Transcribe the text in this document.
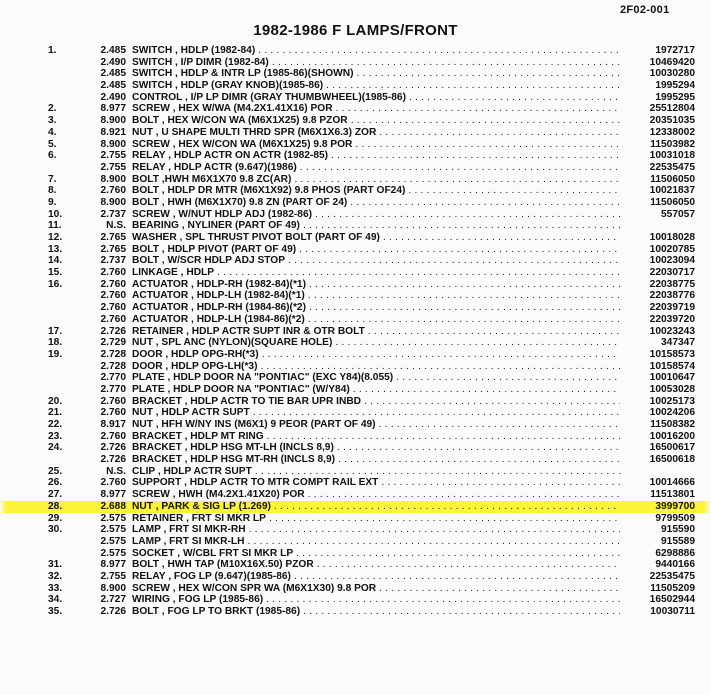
2F02-001
1982-1986 F LAMPS/FRONT
1.	2.485 SWITCH , HDLP (1982-84) . . .	1972717
2.490 SWITCH , I/P DIMR (1982-84) . . .	10469420
2.485 SWITCH , HDLP & INTR LP (1985-86)(SHOWN) . . .	10030280
2.485 SWITCH , HDLP (GRAY KNOB)(1985-86) . . .	1995294
2.490 CONTROL , I/P LP DIMR (GRAY THUMBWHEEL)(1985-86) . . .	1995295
2.	8.977 SCREW , HEX W/WA (M4.2X1.41X16) POR . . .	25512804
3.	8.900 BOLT , HEX W/CON WA (M6X1X25) 9.8 PZOR . . .	20351035
4.	8.921 NUT , U SHAPE MULTI THRD SPR (M6X1X6.3) ZOR . . .	12338002
5.	8.900 SCREW , HEX W/CON WA (M6X1X25) 9.8 POR . . .	11503982
6.	2.755 RELAY , HDLP ACTR ON ACTR (1982-85) . . .	10031018
2.755 RELAY , HDLP ACTR (9.647)(1986) . . .	22535475
7.	8.900 BOLT ,HWH M6X1X70 9.8 ZC(AR) . . .	11506050
8.	2.760 BOLT , HDLP DR MTR (M6X1X92) 9.8 PHOS (PART OF24) . . .	10021837
9.	8.900 BOLT , HWH (M6X1X70) 9.8 ZN (PART OF 24) . . .	11506050
10.	2.737 SCREW , W/NUT HDLP ADJ (1982-86) . . .	557057
11.	N.S. BEARING , NYLINER (PART OF 49) . . .
12.	2.765 WASHER , SPL THRUST PIVOT BOLT (PART OF 49) . . .	10018028
13.	2.765 BOLT , HDLP PIVOT (PART OF 49) . . .	10020785
14.	2.737 BOLT , W/SCR HDLP ADJ STOP . . .	10023094
15.	2.760 LINKAGE , HDLP . . .	22030717
16.	2.760 ACTUATOR , HDLP-RH (1982-84)(*1) . . .	22038775
2.760 ACTUATOR , HDLP-LH (1982-84)(*1) . . .	22038776
2.760 ACTUATOR , HDLP-RH (1984-86)(*2) . . .	22039719
2.760 ACTUATOR , HDLP-LH (1984-86)(*2) . . .	22039720
17.	2.726 RETAINER , HDLP ACTR SUPT INR & OTR BOLT . . .	10023243
18.	2.729 NUT , SPL ANC (NYLON)(SQUARE HOLE) . . .	347347
19.	2.728 DOOR , HDLP OPG-RH(*3) . . .	10158573
2.728 DOOR , HDLP OPG-LH(*3) . . .	10158574
2.770 PLATE , HDLP DOOR NA "PONTIAC" (EXC Y84)(8.055) . . .	10010647
2.770 PLATE , HDLP DOOR NA "PONTIAC" (W/Y84) . . .	10053028
20.	2.760 BRACKET , HDLP ACTR TO TIE BAR UPR INBD . . .	10025173
21.	2.760 NUT , HDLP ACTR SUPT . . .	10024206
22.	8.917 NUT , HFH W/NY INS (M6X1) 9 PEOR (PART OF 49) . . .	11508382
23.	2.760 BRACKET , HDLP MT RING . . .	10016200
24.	2.726 BRACKET , HDLP HSG MT-LH (INCLS 8,9) . . .	16500617
2.726 BRACKET , HDLP HSG MT-RH (INCLS 8,9) . . .	16500618
25.	N.S. CLIP , HDLP ACTR SUPT . . .
26.	2.760 SUPPORT , HDLP ACTR TO MTR COMPT RAIL EXT . . .	10014666
27.	8.977 SCREW , HWH (M4.2X1.41X20) POR . . .	11513801
28.	2.688 NUT , PARK & SIG LP (1.269) . . .	3999700
29.	2.575 RETAINER , FRT SI MKR LP . . .	9799509
30.	2.575 LAMP , FRT SI MKR-RH . . .	915590
2.575 LAMP , FRT SI MKR-LH . . .	915589
2.575 SOCKET , W/CBL FRT SI MKR LP . . .	6298886
31.	8.977 BOLT , HWH TAP (M10X16X.50) PZOR . . .	9440166
32.	2.755 RELAY , FOG LP (9.647)(1985-86) . . .	22535475
33.	8.900 SCREW , HEX W/CON SPR WA (M6X1X30) 9.8 POR . . .	11505209
34.	2.727 WIRING , FOG LP (1985-86) . . .	16502944
35.	2.726 BOLT , FOG LP TO BRKT (1985-86) . . .	10030711
